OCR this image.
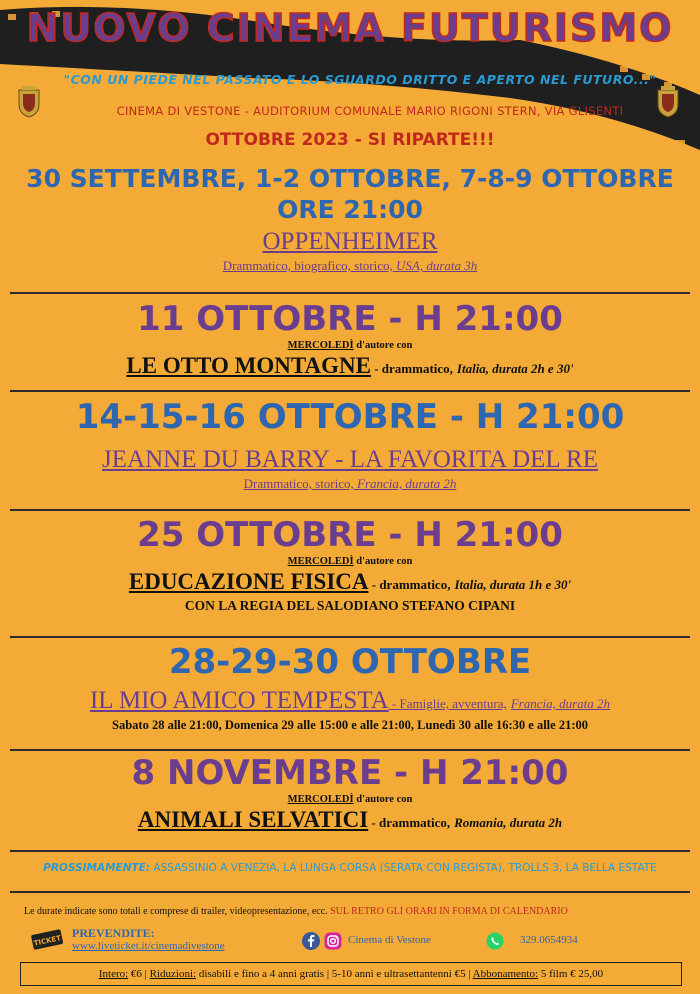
NUOVO CINEMA FUTURISMO
"CON UN PIEDE NEL PASSATO E LO SGUARDO DRITTO E APERTO NEL FUTURO..."
CINEMA DI VESTONE - AUDITORIUM COMUNALE MARIO RIGONI STERN, VIA GLISENTI
OTTOBRE 2023 - SI RIPARTE!!!
30 SETTEMBRE, 1-2 OTTOBRE, 7-8-9 OTTOBRE
ORE 21:00
OPPENHEIMER
Drammatico, biografico, storico, USA, durata 3h
11 OTTOBRE - H 21:00
MERCOLEDÌ d'autore con
LE OTTO MONTAGNE - drammatico, Italia, durata 2h e 30'
14-15-16 OTTOBRE - H 21:00
JEANNE DU BARRY - LA FAVORITA DEL RE
Drammatico, storico, Francia, durata 2h
25 OTTOBRE - H 21:00
MERCOLEDÌ d'autore con
EDUCAZIONE FISICA - drammatico, Italia, durata 1h e 30'
CON LA REGIA DEL SALODIANO STEFANO CIPANI
28-29-30 OTTOBRE
IL MIO AMICO TEMPESTA - Famiglie, avventura, Francia, durata 2h
Sabato 28 alle 21:00, Domenica 29 alle 15:00 e alle 21:00, Lunedì 30 alle 16:30 e alle 21:00
8 NOVEMBRE - H 21:00
MERCOLEDÌ d'autore con
ANIMALI SELVATICI - drammatico, Romania, durata 2h
PROSSIMAMENTE: ASSASSINIO A VENEZIA, LA LUNGA CORSA (SERATA CON REGISTA), TROLLS 3, LA BELLA ESTATE
Le durate indicate sono totali e comprese di trailer, videopresentazione, ecc. SUL RETRO GLI ORARI IN FORMA DI CALENDARIO
TICKET
PREVENDITE:
www.liveticket.it/cinemadivestone	Cinema di Vestone	329.0654934
Intero: €6 | Riduzioni: disabili e fino a 4 anni gratis | 5-10 anni e ultrasettantenni €5 | Abbonamento: 5 film € 25,00
